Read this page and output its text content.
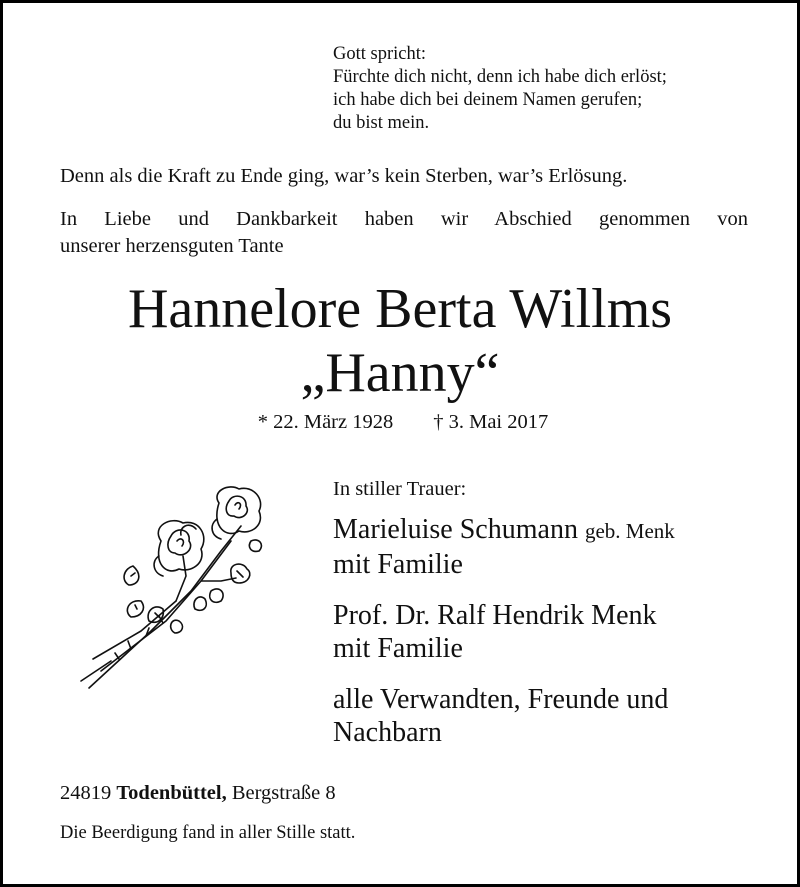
Gott spricht:
Fürchte dich nicht, denn ich habe dich erlöst;
ich habe dich bei deinem Namen gerufen;
du bist mein.
Denn als die Kraft zu Ende ging, war’s kein Sterben, war’s Erlösung.
In Liebe und Dankbarkeit haben wir Abschied genommen von
unserer herzensguten Tante
Hannelore Berta Willms
„Hanny“
* 22. März 1928 † 3. Mai 2017
In stiller Trauer:
Marieluise Schumann geb. Menk
mit Familie
Prof. Dr. Ralf Hendrik Menk
mit Familie
alle Verwandten, Freunde und
Nachbarn
24819 Todenbüttel, Bergstraße 8
Die Beerdigung fand in aller Stille statt.
